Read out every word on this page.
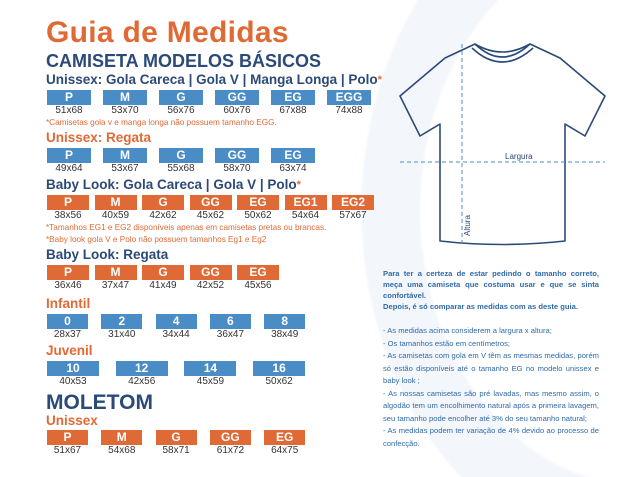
Guia de Medidas
CAMISETA MODELOS BÁSICOS
MOLETOM
Unissex: Gola Careca | Gola V | Manga Longa | Polo*
P
51x68
M
53x70
G
56x76
GG
60x76
EG
67x88
EGG
74x88
*Camisetas gola v e manga longa não possuem tamanho EGG.
Unissex: Regata
P
49x64
M
53x67
G
55x68
GG
58x70
EG
63x74
Baby Look: Gola Careca | Gola V | Polo*
P
38x56
M
40x59
G
42x62
GG
45x62
EG
50x62
EG1
54x64
EG2
57x67
*Tamanhos EG1 e EG2 disponíveis apenas em camisetas pretas ou brancas.
*Baby look gola V e Polo não possuem tamanhos Eg1 e Eg2
Baby Look: Regata
P
36x46
M
37x47
G
41x49
GG
42x52
EG
45x56
Infantil
0
28x37
2
31x40
4
34x44
6
36x47
8
38x49
Juvenil
10
40x53
12
42x56
14
45x59
16
50x62
Unissex
P
51x67
M
54x68
G
58x71
GG
61x72
EG
64x75
Largura
Altura

Para ter a certeza de estar pedindo o tamanho correto, meça uma camiseta que costuma usar e que se sinta confortável.

Depois, é só comparar as medidas com as deste guia.

- As medidas acima considerem a largura x altura;

- Os tamanhos estão em centímetros;

- As camisetas com gola em V têm as mesmas medidas, porém só estão disponíveis até o tamanho EG no modelo unissex e baby look ;

- As nossas camisetas são pré lavadas, mas mesmo assim, o algodão tem um encolhimento natural após a primeira lavagem, seu tamanho pode encolher até 3% do seu tamanho natural;

- As medidas podem ter variação de 4% devido ao processo de confecção.
